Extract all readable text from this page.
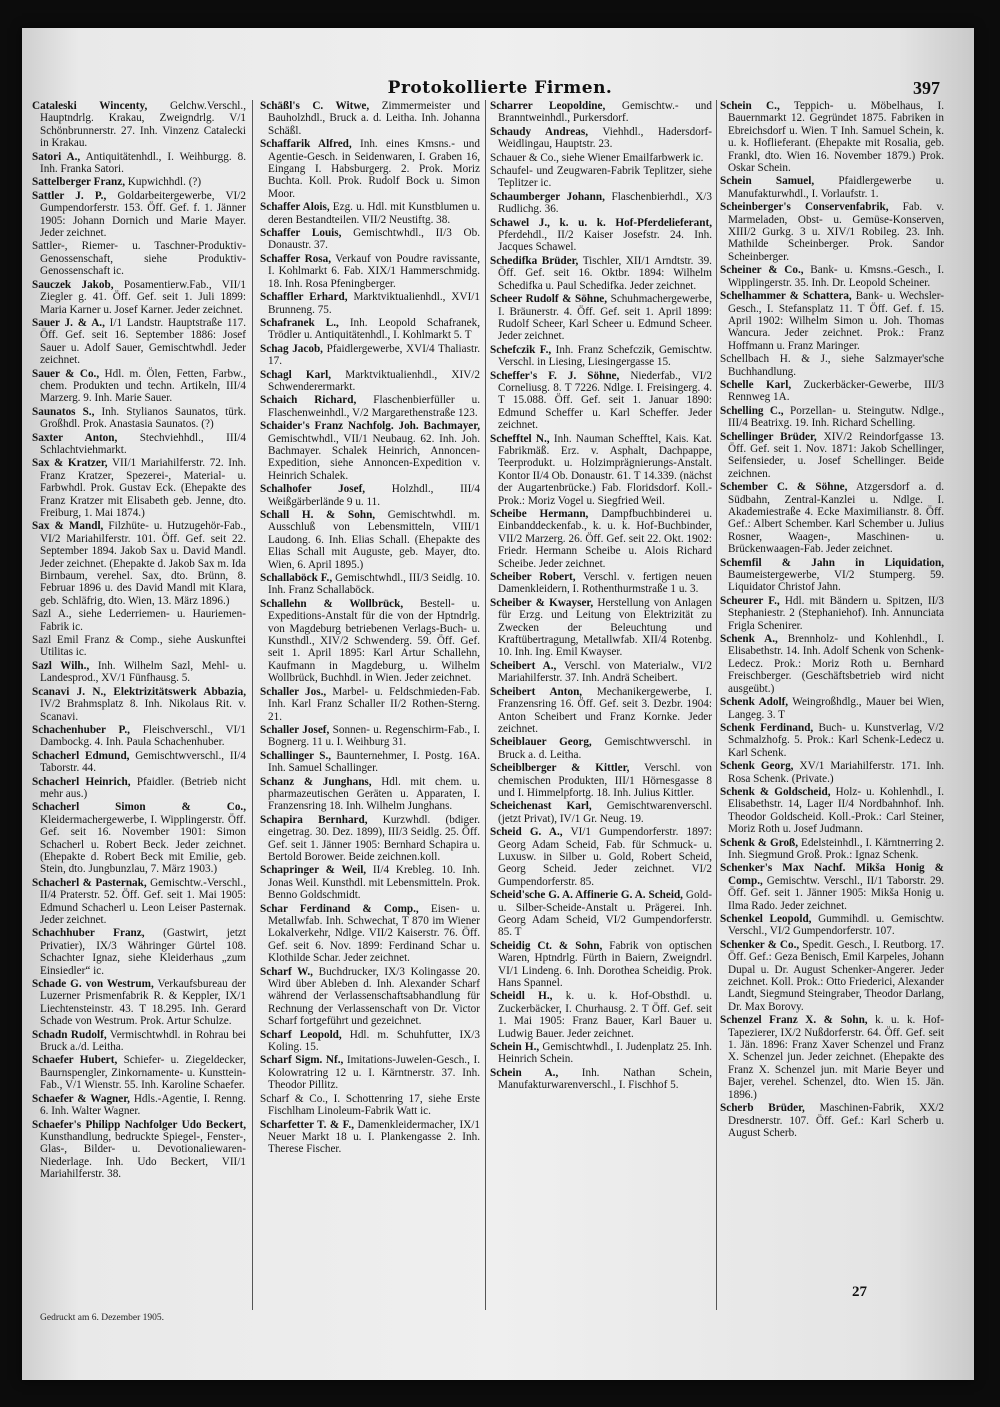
Protokollierte Firmen.	397
Cataleski Wincenty, Gelchw.Verschl., Hauptndrlg. Krakau, Zweigndrlg. V/1 Schönbrunnerstr. 27. Inh. Vinzenz Catalecki in Krakau.
Satori A., Antiquitätenhdl., I. Weihburgg. 8. Inh. Franka Satori.
Sattelberger Franz, Kupwichhdl. (?)
Sattler J. P., Goldarbeitergewerbe, VI/2 Gumpendorferstr. 153. Öff. Gef. f. 1. Jänner 1905: Johann Dornich und Marie Mayer. Jeder zeichnet.
Sattler-, Riemer- u. Taschner-Produktiv-Genossenschaft, siehe Produktiv-Genossenschaft ic.
Sauczek Jakob, Posamentierw.Fab., VII/1 Ziegler g. 41. Öff. Gef. seit 1. Juli 1899: Maria Karner u. Josef Karner. Jeder zeichnet.
Sauer J. & A., I/1 Landstr. Hauptstraße 117. Öff. Gef. seit 16. September 1886: Josef Sauer u. Adolf Sauer, Gemischtwhdl. Jeder zeichnet.
Sauer & Co., Hdl. m. Ölen, Fetten, Farbw., chem. Produkten und techn. Artikeln, III/4 Marzerg. 9. Inh. Marie Sauer.
Saunatos S., Inh. Stylianos Saunatos, türk. Großhdl. Prok. Anastasia Saunatos. (?)
Saxter Anton, Stechviehhdl., III/4 Schlachtviehmarkt.
Sax & Kratzer, VII/1 Mariahilferstr. 72. Inh. Franz Kratzer, Spezerei-, Material- u. Farbwhdl. Prok. Gustav Eck. (Ehepakte des Franz Kratzer mit Elisabeth geb. Jenne, dto. Freiburg, 1. Mai 1874.)
Sax & Mandl, Filzhüte- u. Hutzugehör-Fab., VI/2 Mariahilferstr. 101. Öff. Gef. seit 22. September 1894. Jakob Sax u. David Mandl. Jeder zeichnet. (Ehepakte d. Jakob Sax m. Ida Birnbaum, verehel. Sax, dto. Brünn, 8. Februar 1896 u. des David Mandl mit Klara, geb. Schläfrig, dto. Wien, 13. März 1896.)
Sazl A., siehe Lederriemen- u. Hauriemen-Fabrik ic.
Sazl Emil Franz & Comp., siehe Auskunftei Utilitas ic.
Sazl Wilh., Inh. Wilhelm Sazl, Mehl- u. Landesprod., XV/1 Fünfhausg. 5.
Scanavi J. N., Elektrizitätswerk Abbazia, IV/2 Brahmsplatz 8. Inh. Nikolaus Rit. v. Scanavi.
Schachenhuber P., Fleischverschl., VI/1 Dambockg. 4. Inh. Paula Schachenhuber.
Schacherl Edmund, Gemischtwverschl., II/4 Taborstr. 44.
Schacherl Heinrich, Pfaidler. (Betrieb nicht mehr aus.)
Schacherl Simon & Co., Kleidermachergewerbe, I. Wipplingerstr. Öff. Gef. seit 16. November 1901: Simon Schacherl u. Robert Beck. Jeder zeichnet. (Ehepakte d. Robert Beck mit Emilie, geb. Stein, dto. Jungbunzlau, 7. März 1903.)
Schacherl & Pasternak, Gemischtw.-Verschl., II/4 Praterstr. 52. Öff. Gef. seit 1. Mai 1905: Edmund Schacherl u. Leon Leiser Pasternak. Jeder zeichnet.
Schachhuber Franz, (Gastwirt, jetzt Privatier), IX/3 Währinger Gürtel 108. Schachter Ignaz, siehe Kleiderhaus „zum Einsiedler“ ic.
Schade G. von Westrum, Verkaufsbureau der Luzerner Prismenfabrik R. & Keppler, IX/1 Liechtensteinstr. 43. T 18.295. Inh. Gerard Schade von Westrum. Prok. Artur Schulze.
Schadn Rudolf, Vermischtwhdl. in Rohrau bei Bruck a./d. Leitha.
Schaefer Hubert, Schiefer- u. Ziegeldecker, Baurnspengler, Zinkornamente- u. Kunsttein-Fab., V/1 Wienstr. 55. Inh. Karoline Schaefer.
Schaefer & Wagner, Hdls.-Agentie, I. Renng. 6. Inh. Walter Wagner.
Schaefer's Philipp Nachfolger Udo Beckert, Kunsthandlung, bedruckte Spiegel-, Fenster-, Glas-, Bilder- u. Devotionaliewaren-Niederlage. Inh. Udo Beckert, VII/1 Mariahilferstr. 38.
Schäßl's C. Witwe, Zimmermeister und Bauholzhdl., Bruck a. d. Leitha. Inh. Johanna Schäßl.
Schaffarik Alfred, Inh. eines Kmsns.- und Agentie-Gesch. in Seidenwaren, I. Graben 16, Eingang I. Habsburgerg. 2. Prok. Moriz Buchta. Koll. Prok. Rudolf Bock u. Simon Moor.
Schaffer Alois, Ezg. u. Hdl. mit Kunstblumen u. deren Bestandteilen. VII/2 Neustiftg. 38.
Schaffer Louis, Gemischtwhdl., II/3 Ob. Donaustr. 37.
Schaffer Rosa, Verkauf von Poudre ravissante, I. Kohlmarkt 6. Fab. XIX/1 Hammerschmidg. 18. Inh. Rosa Pfeningberger.
Schaffler Erhard, Marktviktualienhdl., XVI/1 Brunneng. 75.
Schafranek L., Inh. Leopold Schafranek, Trödler u. Antiquitätenhdl., I. Kohlmarkt 5. T
Schag Jacob, Pfaidlergewerbe, XVI/4 Thaliastr. 17.
Schagl Karl, Marktviktualienhdl., XIV/2 Schwenderermarkt.
Schaich Richard, Flaschenbierfüller u. Flaschenweinhdl., V/2 Margarethenstraße 123.
Schaider's Franz Nachfolg. Joh. Bachmayer, Gemischtwhdl., VII/1 Neubaug. 62. Inh. Joh. Bachmayer. Schalek Heinrich, Annoncen-Expedition, siehe Annoncen-Expedition v. Heinrich Schalek.
Schalhofer Josef, Holzhdl., III/4 Weißgärberlände 9 u. 11.
Schall H. & Sohn, Gemischtwhdl. m. Ausschluß von Lebensmitteln, VIII/1 Laudong. 6. Inh. Elias Schall. (Ehepakte des Elias Schall mit Auguste, geb. Mayer, dto. Wien, 6. April 1895.)
Schallaböck F., Gemischtwhdl., III/3 Seidlg. 10. Inh. Franz Schallaböck.
Schallehn & Wollbrück, Bestell- u. Expeditions-Anstalt für die von der Hptndrlg. von Magdeburg betriebenen Verlags-Buch- u. Kunsthdl., XIV/2 Schwenderg. 59. Öff. Gef. seit 1. April 1895: Karl Artur Schallehn, Kaufmann in Magdeburg, u. Wilhelm Wollbrück, Buchhdl. in Wien. Jeder zeichnet.
Schaller Jos., Marbel- u. Feldschmieden-Fab. Inh. Karl Franz Schaller II/2 Rothen-Sterng. 21.
Schaller Josef, Sonnen- u. Regenschirm-Fab., I. Bognerg. 11 u. I. Weihburg 31.
Schallinger S., Baunternehmer, I. Postg. 16A. Inh. Samuel Schallinger.
Schanz & Junghans, Hdl. mit chem. u. pharmazeutischen Geräten u. Apparaten, I. Franzensring 18. Inh. Wilhelm Junghans.
Schapira Bernhard, Kurzwhdl. (bdiger. eingetrag. 30. Dez. 1899), III/3 Seidlg. 25. Öff. Gef. seit 1. Jänner 1905: Bernhard Schapira u. Bertold Borower. Beide zeichnen.koll.
Schapringer & Weil, II/4 Krebleg. 10. Inh. Jonas Weil. Kunsthdl. mit Lebensmitteln. Prok. Benno Goldschmidt.
Schar Ferdinand & Comp., Eisen- u. Metallwfab. Inh. Schwechat, T 870 im Wiener Lokalverkehr, Ndlge. VII/2 Kaiserstr. 76. Öff. Gef. seit 6. Nov. 1899: Ferdinand Schar u. Klothilde Schar. Jeder zeichnet.
Scharf W., Buchdrucker, IX/3 Kolingasse 20. Wird über Ableben d. Inh. Alexander Scharf während der Verlassenschaftsabhandlung für Rechnung der Verlassenschaft von Dr. Victor Scharf fortgeführt und gezeichnet.
Scharf Leopold, Hdl. m. Schuhfutter, IX/3 Koling. 15.
Scharf Sigm. Nf., Imitations-Juwelen-Gesch., I. Kolowratring 12 u. I. Kärntnerstr. 37. Inh. Theodor Pillitz.
Scharf & Co., I. Schottenring 17, siehe Erste Fischlham Linoleum-Fabrik Watt ic.
Scharfetter T. & F., Damenkleidermacher, IX/1 Neuer Markt 18 u. I. Plankengasse 2. Inh. Therese Fischer.
Scharrer Leopoldine, Gemischtw.- und Branntweinhdl., Purkersdorf.
Schaudy Andreas, Viehhdl., Hadersdorf-Weidlingau, Hauptstr. 23.
Schauer & Co., siehe Wiener Emailfarbwerk ic.
Schaufel- und Zeugwaren-Fabrik Teplitzer, siehe Teplitzer ic.
Schaumberger Johann, Flaschenbierhdl., X/3 Rudlichg. 36.
Schawel J., k. u. k. Hof-Pferdelieferant, Pferdehdl., II/2 Kaiser Josefstr. 24. Inh. Jacques Schawel.
Schedifka Brüder, Tischler, XII/1 Arndtstr. 39. Öff. Gef. seit 16. Oktbr. 1894: Wilhelm Schedifka u. Paul Schedifka. Jeder zeichnet.
Scheer Rudolf & Söhne, Schuhmachergewerbe, I. Bräunerstr. 4. Öff. Gef. seit 1. April 1899: Rudolf Scheer, Karl Scheer u. Edmund Scheer. Jeder zeichnet.
Schefczik F., Inh. Franz Schefczik, Gemischtw. Verschl. in Liesing, Liesingergasse 15.
Scheffer's F. J. Söhne, Niederfab., VI/2 Corneliusg. 8. T 7226. Ndlge. I. Freisingerg. 4. T 15.088. Öff. Gef. seit 1. Januar 1890: Edmund Scheffer u. Karl Scheffer. Jeder zeichnet.
Schefftel N., Inh. Nauman Schefftel, Kais. Kat. Fabrikmäß. Erz. v. Asphalt, Dachpappe, Teerprodukt. u. Holzimprägnierungs-Anstalt. Kontor II/4 Ob. Donaustr. 61. T 14.339. (nächst der Augartenbrücke.) Fab. Floridsdorf. Koll.-Prok.: Moriz Vogel u. Siegfried Weil.
Scheibe Hermann, Dampfbuchbinderei u. Einbanddeckenfab., k. u. k. Hof-Buchbinder, VII/2 Marzerg. 26. Öff. Gef. seit 22. Okt. 1902: Friedr. Hermann Scheibe u. Alois Richard Scheibe. Jeder zeichnet.
Scheiber Robert, Verschl. v. fertigen neuen Damenkleidern, I. Rothenthurmstraße 1 u. 3.
Scheiber & Kwayser, Herstellung von Anlagen für Erzg. und Leitung von Elektrizität zu Zwecken der Beleuchtung und Kraftübertragung, Metallwfab. XII/4 Rotenbg. 10. Inh. Ing. Emil Kwayser.
Scheibert A., Verschl. von Materialw., VI/2 Mariahilferstr. 37. Inh. Andrä Scheibert.
Scheibert Anton, Mechanikergewerbe, I. Franzensring 16. Öff. Gef. seit 3. Dezbr. 1904: Anton Scheibert und Franz Kornke. Jeder zeichnet.
Scheiblauer Georg, Gemischtwverschl. in Bruck a. d. Leitha.
Scheiblberger & Kittler, Verschl. von chemischen Produkten, III/1 Hörnesgasse 8 und I. Himmelpfortg. 18. Inh. Julius Kittler.
Scheichenast Karl, Gemischtwarenverschl. (jetzt Privat), IV/1 Gr. Neug. 19.
Scheid G. A., VI/1 Gumpendorferstr. 1897: Georg Adam Scheid, Fab. für Schmuck- u. Luxusw. in Silber u. Gold, Robert Scheid, Georg Scheid. Jeder zeichnet. VI/2 Gumpendorferstr. 85.
Scheid'sche G. A. Affinerie G. A. Scheid, Gold- u. Silber-Scheide-Anstalt u. Prägerei. Inh. Georg Adam Scheid, VI/2 Gumpendorferstr. 85. T
Scheidig Ct. & Sohn, Fabrik von optischen Waren, Hptndrlg. Fürth in Baiern, Zweigndrl. VI/1 Lindeng. 6. Inh. Dorothea Scheidig. Prok. Hans Spannel.
Scheidl H., k. u. k. Hof-Obsthdl. u. Zuckerbäcker, I. Churhausg. 2. T Öff. Gef. seit 1. Mai 1905: Franz Bauer, Karl Bauer u. Ludwig Bauer. Jeder zeichnet.
Schein H., Gemischtwhdl., I. Judenplatz 25. Inh. Heinrich Schein.
Schein A., Inh. Nathan Schein, Manufakturwarenverschl., I. Fischhof 5.
Schein C., Teppich- u. Möbelhaus, I. Bauernmarkt 12. Gegründet 1875. Fabriken in Ebreichsdorf u. Wien. T Inh. Samuel Schein, k. u. k. Hoflieferant. (Ehepakte mit Rosalia, geb. Frankl, dto. Wien 16. November 1879.) Prok. Oskar Schein.
Schein Samuel, Pfaidlergewerbe u. Manufakturwhdl., I. Vorlaufstr. 1.
Scheinberger's Conservenfabrik, Fab. v. Marmeladen, Obst- u. Gemüse-Konserven, XIII/2 Gurkg. 3 u. XIV/1 Robileg. 23. Inh. Mathilde Scheinberger. Prok. Sandor Scheinberger.
Scheiner & Co., Bank- u. Kmsns.-Gesch., I. Wipplingerstr. 35. Inh. Dr. Leopold Scheiner.
Schelhammer & Schattera, Bank- u. Wechsler-Gesch., I. Stefansplatz 11. T Öff. Gef. f. 15. April 1902: Wilhelm Simon u. Joh. Thomas Wancura. Jeder zeichnet. Prok.: Franz Hoffmann u. Franz Maringer.
Schellbach H. & J., siehe Salzmayer'sche Buchhandlung.
Schelle Karl, Zuckerbäcker-Gewerbe, III/3 Rennweg 1A.
Schelling C., Porzellan- u. Steingutw. Ndlge., III/4 Beatrixg. 19. Inh. Richard Schelling.
Schellinger Brüder, XIV/2 Reindorfgasse 13. Öff. Gef. seit 1. Nov. 1871: Jakob Schellinger, Seifensieder, u. Josef Schellinger. Beide zeichnen.
Schember C. & Söhne, Atzgersdorf a. d. Südbahn, Zentral-Kanzlei u. Ndlge. I. Akademiestraße 4. Ecke Maximilianstr. 8. Öff. Gef.: Albert Schember. Karl Schember u. Julius Rosner, Waagen-, Maschinen- u. Brückenwaagen-Fab. Jeder zeichnet.
Schemfil & Jahn in Liquidation, Baumeistergewerbe, VI/2 Stumperg. 59. Liquidator Christof Jahn.
Scheurer F., Hdl. mit Bändern u. Spitzen, II/3 Stephaniestr. 2 (Stephaniehof). Inh. Annunciata Frigla Schenirer.
Schenk A., Brennholz- und Kohlenhdl., I. Elisabethstr. 14. Inh. Adolf Schenk von Schenk-Ledecz. Prok.: Moriz Roth u. Bernhard Freischberger. (Geschäftsbetrieb wird nicht ausgeübt.)
Schenk Adolf, Weingroßhdlg., Mauer bei Wien, Langeg. 3. T
Schenk Ferdinand, Buch- u. Kunstverlag, V/2 Schmalzhofg. 5. Prok.: Karl Schenk-Ledecz u. Karl Schenk.
Schenk Georg, XV/1 Mariahilferstr. 171. Inh. Rosa Schenk. (Private.)
Schenk & Goldscheid, Holz- u. Kohlenhdl., I. Elisabethstr. 14, Lager II/4 Nordbahnhof. Inh. Theodor Goldscheid. Koll.-Prok.: Carl Steiner, Moriz Roth u. Josef Judmann.
Schenk & Groß, Edelsteinhdl., I. Kärntnerring 2. Inh. Siegmund Groß. Prok.: Ignaz Schenk.
Schenker's Max Nachf. Mikša Honig & Comp., Gemischtw. Verschl., II/1 Taborstr. 29. Öff. Gef. seit 1. Jänner 1905: Mikša Honig u. Ilma Rado. Jeder zeichnet.
Schenkel Leopold, Gummihdl. u. Gemischtw. Verschl., VI/2 Gumpendorferstr. 107.
Schenker & Co., Spedit. Gesch., I. Reutborg. 17. Öff. Gef.: Geza Benisch, Emil Karpeles, Johann Dupal u. Dr. August Schenker-Angerer. Jeder zeichnet. Koll. Prok.: Otto Friederici, Alexander Landt, Siegmund Steingraber, Theodor Darlang, Dr. Max Borovy.
Schenzel Franz X. & Sohn, k. u. k. Hof-Tapezierer, IX/2 Nußdorferstr. 64. Öff. Gef. seit 1. Jän. 1896: Franz Xaver Schenzel und Franz X. Schenzel jun. Jeder zeichnet. (Ehepakte des Franz X. Schenzel jun. mit Marie Beyer und Bajer, verehel. Schenzel, dto. Wien 15. Jän. 1896.)
Scherb Brüder, Maschinen-Fabrik, XX/2 Dresdnerstr. 107. Öff. Gef.: Karl Scherb u. August Scherb.
Gedruckt am 6. Dezember 1905.
27
